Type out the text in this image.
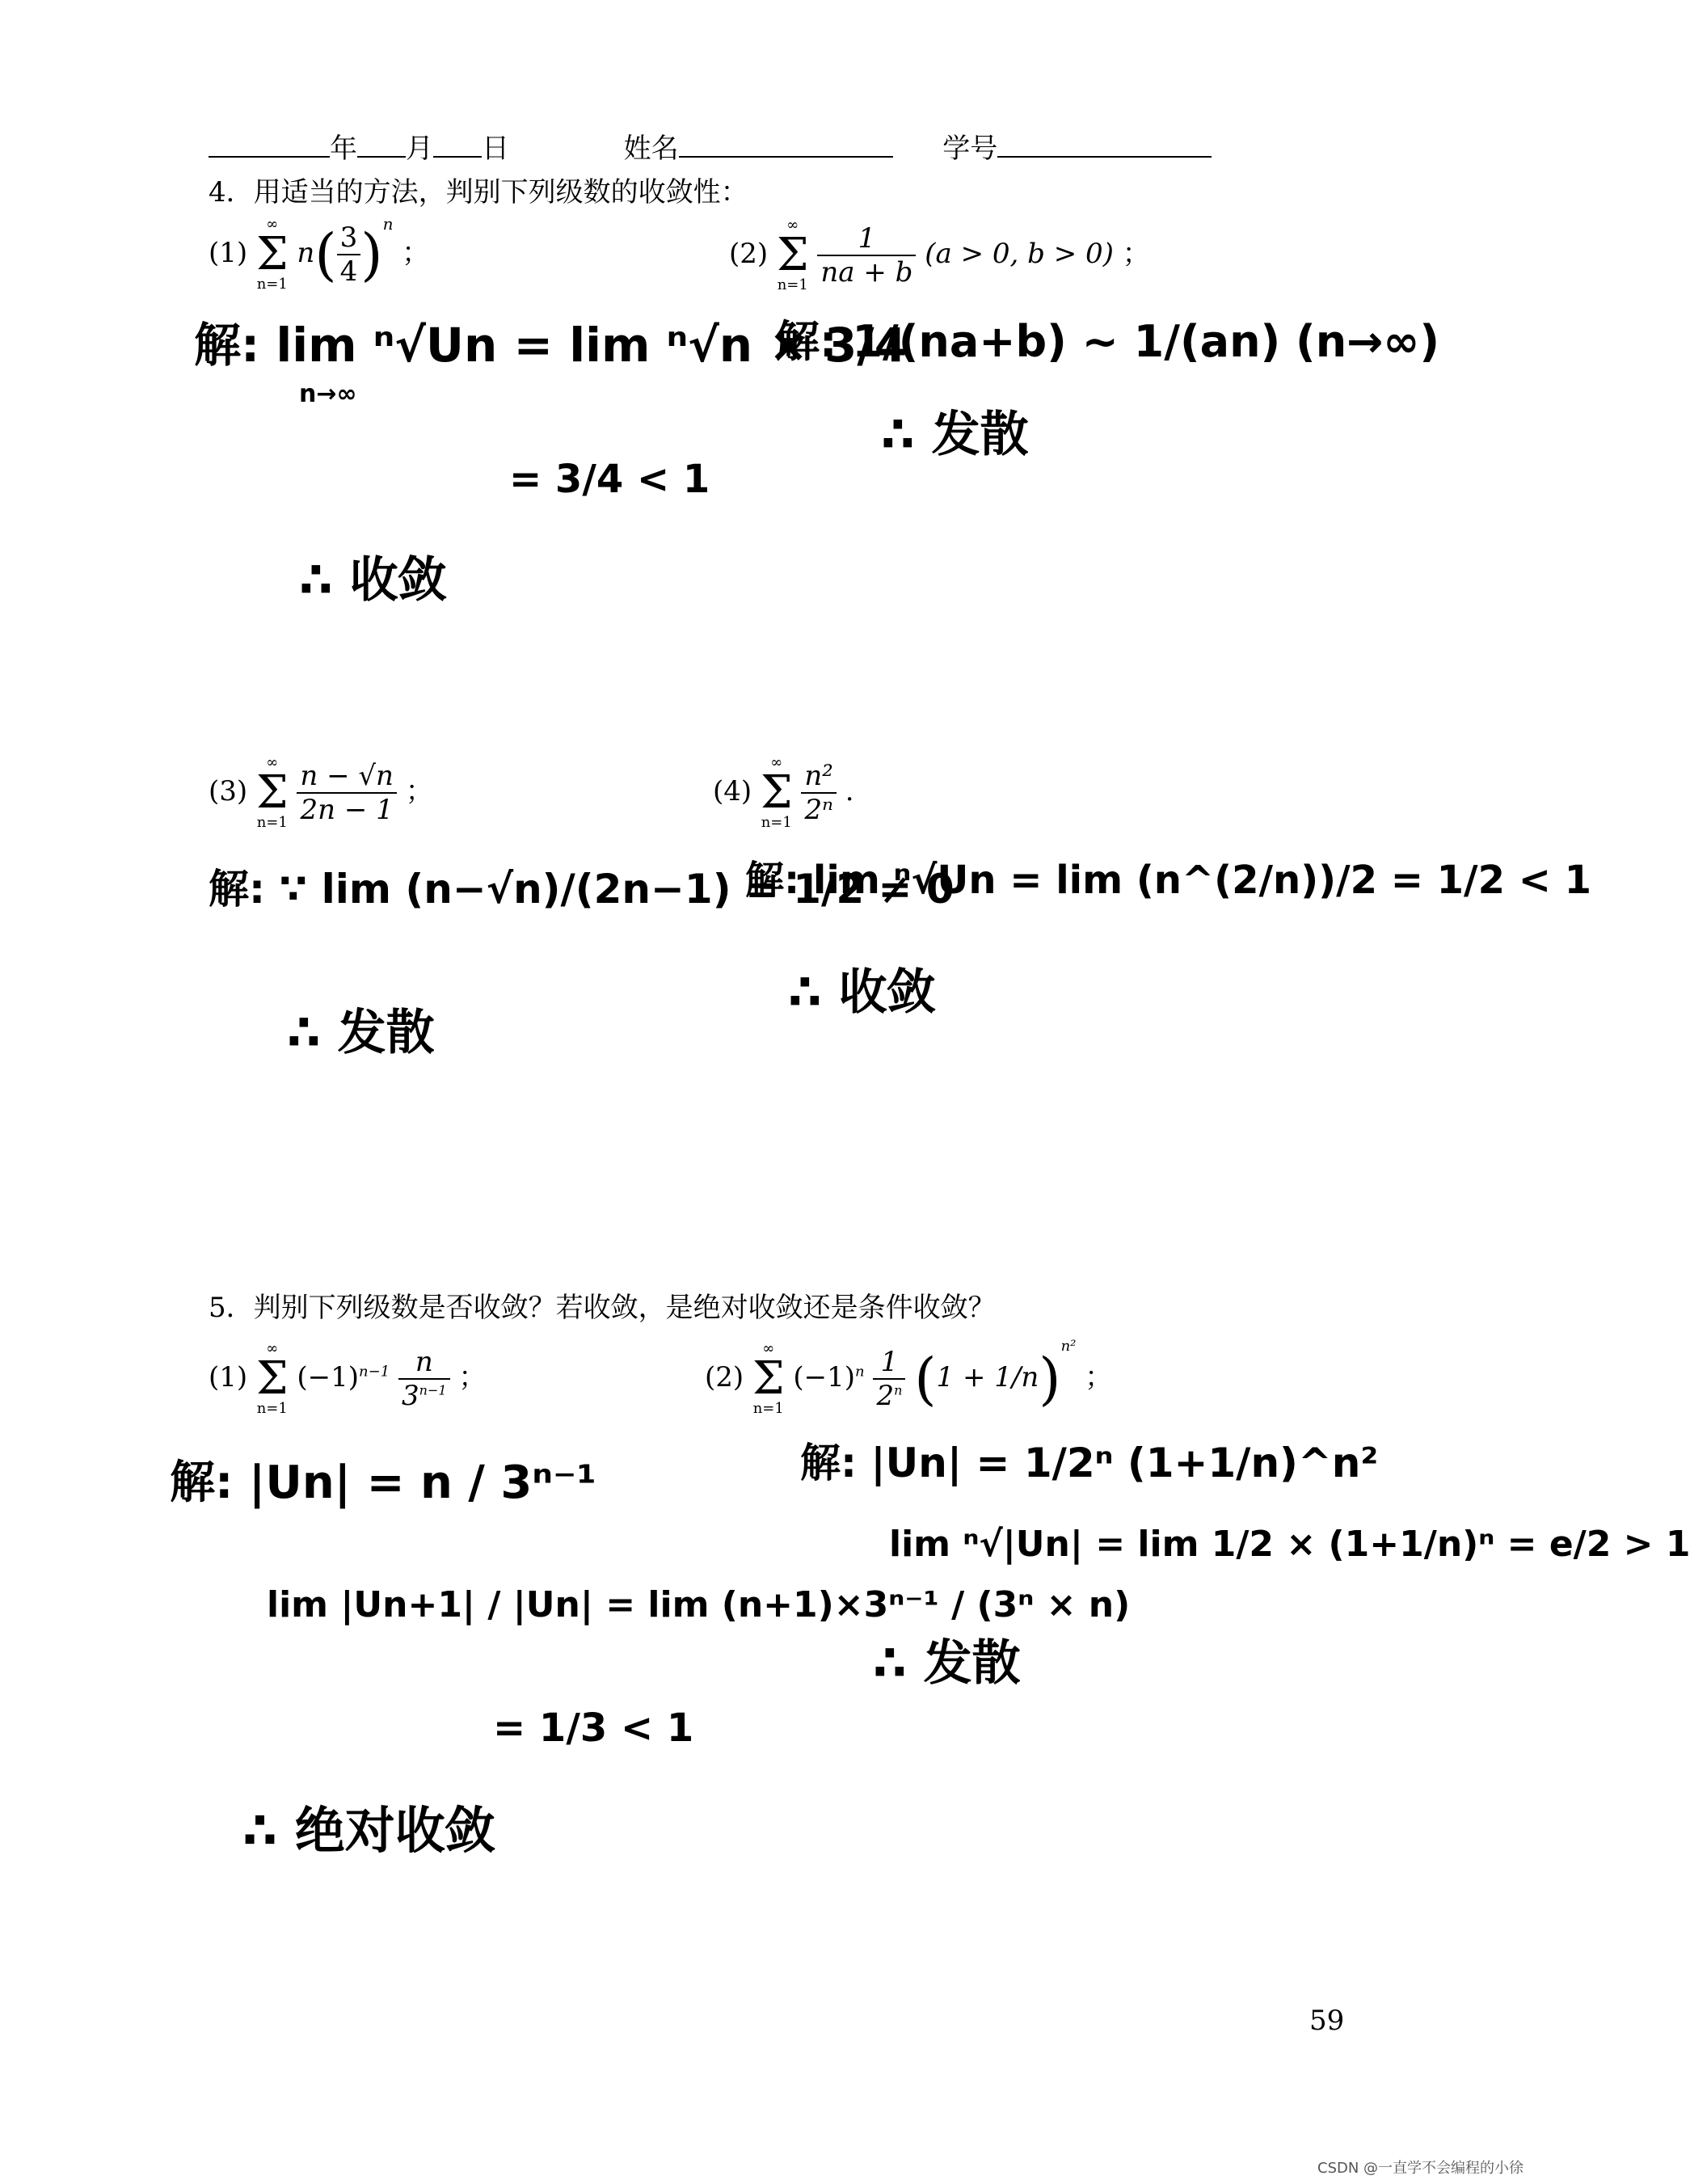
年 月 日	姓名	学号
4．用适当的方法，判别下列级数的收敛性：
(1)
∞
Σ
n=1
$n( \frac{3}{4} )^n$ ；	(2)
∞
Σ
n=1
$\frac{1}{na + b} (a > 0$, b > 0) ；
(3)
∞
Σ
n=1
$\frac{n - √n}{2n - 1}$ ；	(4)
∞
Σ
n=1
$\frac{\text{n²}}{\text{2ⁿ}}$ .
解: lim ⁿ√Un = lim ⁿ√n × 3/4
n→∞
= 3/4 < 1
∴ 收敛
解: 1/(na+b) ~ 1/(an) (n→∞)
∴ 发散
解: ∵ lim (n−√n)/(2n−1) = 1/2 ≠ 0
∴ 发散
解: lim ⁿ√Un = lim (n^(2/n))/2 = 1/2 < 1
∴ 收敛
5．判别下列级数是否收敛？若收敛，是绝对收敛还是条件收敛？
(1)
∞
Σ
n=1
$(-1)^{n-1} \frac{n}{3^{n-1}}$ ；	(2)
∞
Σ
n=1
$(-1)^n \frac{1}{2^n} (1 + 1/n)^{n^2}$ ；
解: |Un| = n / 3ⁿ⁻¹
lim |Un+1| / |Un| = lim (n+1)×3ⁿ⁻¹ / (3ⁿ × n)
= 1/3 < 1
∴ 绝对收敛
解: |Un| = 1/2ⁿ (1+1/n)^n²
lim ⁿ√|Un| = lim 1/2 × (1+1/n)ⁿ = e/2 > 1
∴ 发散
59
CSDN @一直学不会编程的小徐
